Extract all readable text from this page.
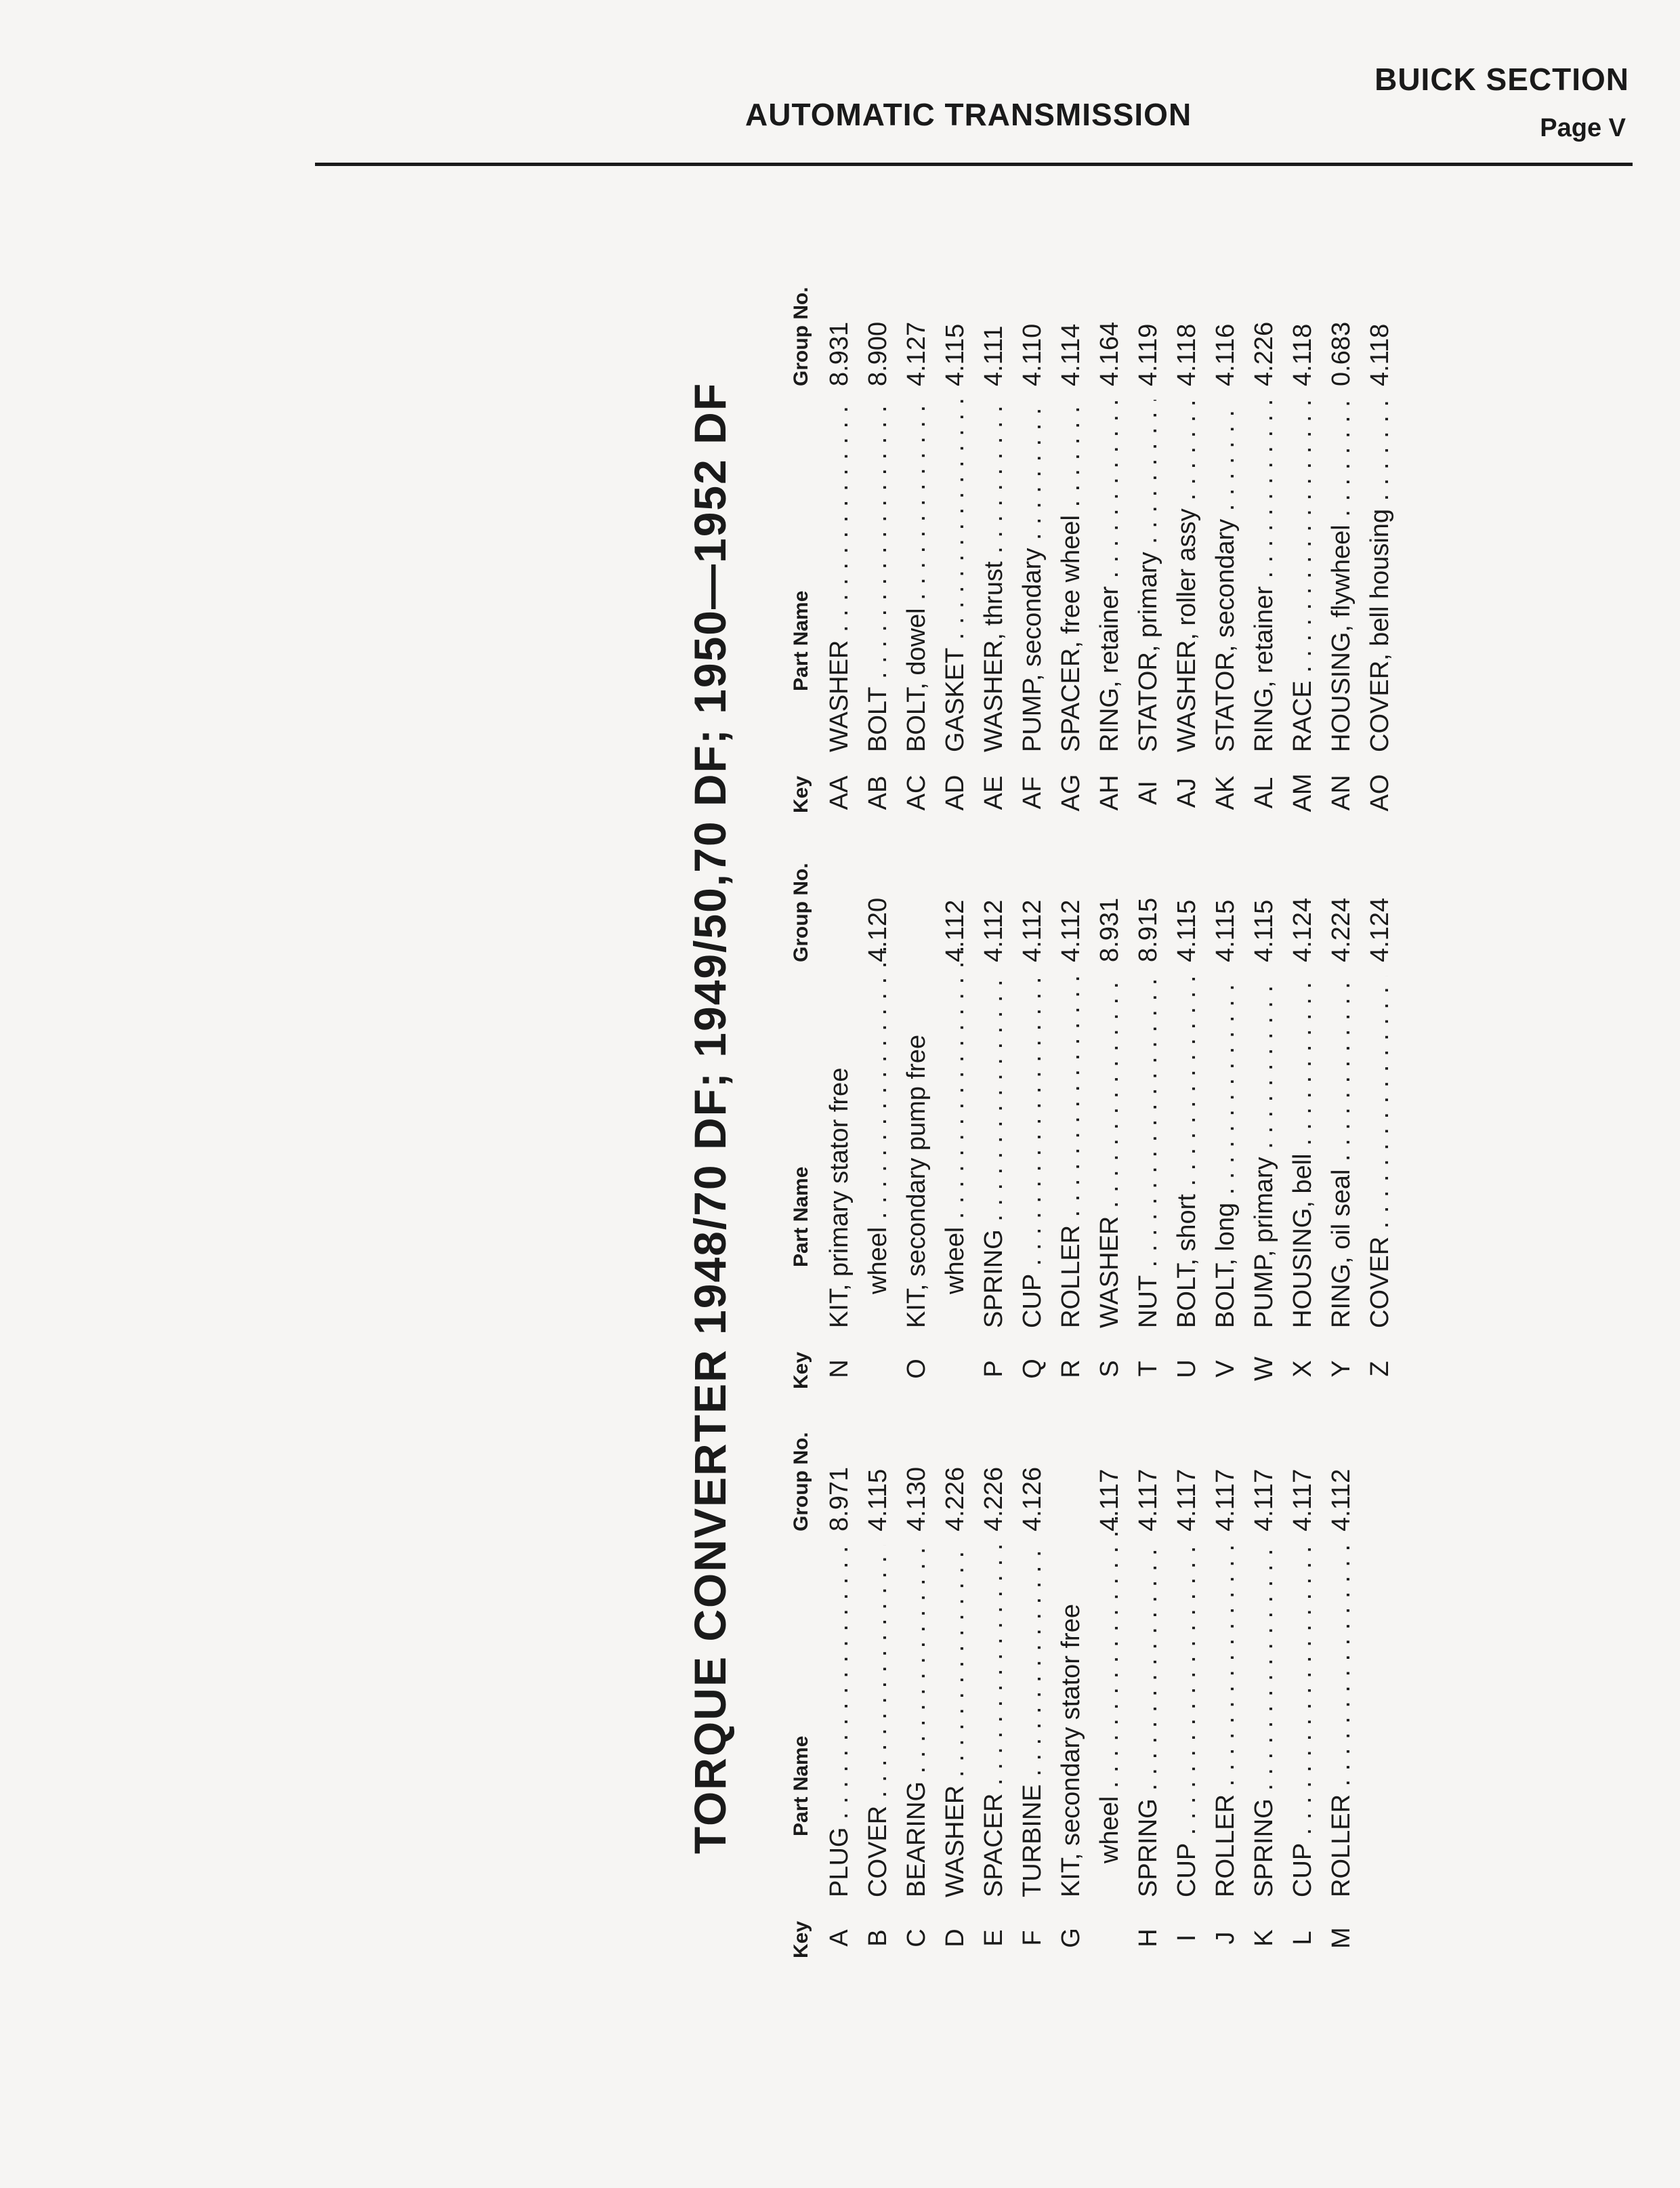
BUICK SECTION
Page V
AUTOMATIC TRANSMISSION
TORQUE CONVERTER 1948/70 DF; 1949/50,70 DF; 1950—1952 DF
Key
Part Name
Group No.
A
PLUG . . .
8.971
B
COVER . . .
4.115
C
BEARING . . .
4.130
D
WASHER . . .
4.226
E
SPACER . . .
4.226
F
TURBINE . . .
4.126
G
KIT, secondary stator free wheel . . .
4.117
H
SPRING . . .
4.117
I
CUP . . .
4.117
J
ROLLER . . .
4.117
K
SPRING . . .
4.117
L
CUP . . .
4.117
M
ROLLER . . .
4.112
Key
Part Name
Group No.
N
KIT, primary stator free wheel . . .
4.120
O
KIT, secondary pump free wheel . . .
4.112
P
SPRING . . .
4.112
Q
CUP . . .
4.112
R
ROLLER . . .
4.112
S
WASHER . . .
8.931
T
NUT . . .
8.915
U
BOLT, short . . .
4.115
V
BOLT, long . . .
4.115
W
PUMP, primary . . .
4.115
X
HOUSING, bell . . .
4.124
Y
RING, oil seal . . .
4.224
Z
COVER . . .
4.124
Key
Part Name
Group No.
AA
WASHER . . .
8.931
AB
BOLT . . .
8.900
AC
BOLT, dowel . . .
4.127
AD
GASKET . . .
4.115
AE
WASHER, thrust . . .
4.111
AF
PUMP, secondary . . .
4.110
AG
SPACER, free wheel . . .
4.114
AH
RING, retainer . . .
4.164
AI
STATOR, primary . . .
4.119
AJ
WASHER, roller assy . . .
4.118
AK
STATOR, secondary . . .
4.116
AL
RING, retainer . . .
4.226
AM
RACE . . .
4.118
AN
HOUSING, flywheel . . .
0.683
AO
COVER, bell housing . . .
4.118
